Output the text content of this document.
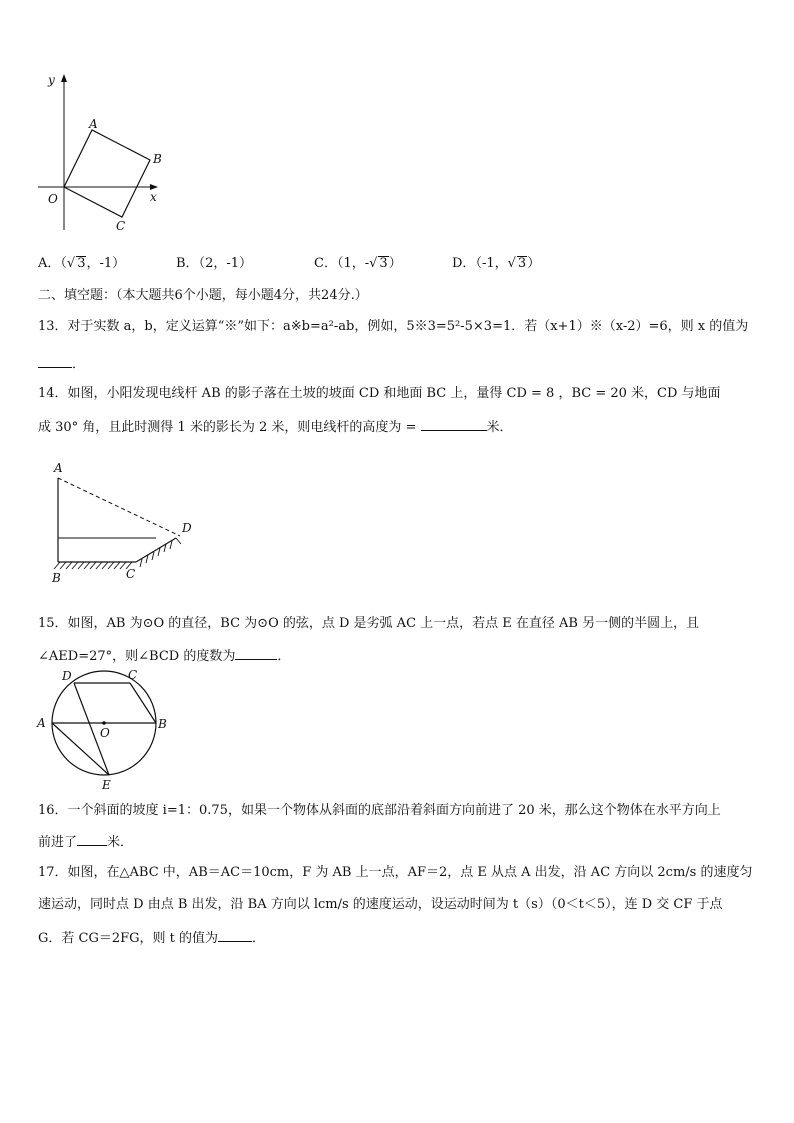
y
x
O
A
B
C
A．（√ 3，-1）	B．（2，-1）	C．（1，-√ 3）	D．（-1，√ 3）
二、填空题：（本大题共6个小题，每小题4分，共24分.）
13．对于实数 a，b，定义运算“※”如下：a※b=a²-ab，例如，5※3=5²-5×3=1．若（x+1）※（x-2）=6，则 x 的值为
．
14．如图，小阳发现电线杆 AB 的影子落在土坡的坡面 CD 和地面 BC 上，量得 CD = 8 ，BC = 20 米，CD 与地面
成 30° 角，且此时测得 1 米的影长为 2 米，则电线杆的高度为 =	米．
A
B	C
D
15．如图，AB 为⊙O 的直径，BC 为⊙O 的弦，点 D 是劣弧 AC 上一点，若点 E 在直径 AB 另一侧的半圆上，且
∠AED=27°，则∠BCD 的度数为	．
A	B
C
D
E
O
16．一个斜面的坡度 i=1：0.75，如果一个物体从斜面的底部沿着斜面方向前进了 20 米，那么这个物体在水平方向上
前进了 米．
17．如图，在△ABC 中，AB＝AC＝10cm，F 为 AB 上一点，AF＝2，点 E 从点 A 出发，沿 AC 方向以 2cm/s 的速度匀
速运动，同时点 D 由点 B 出发，沿 BA 方向以 lcm/s 的速度运动，设运动时间为 t（s）（0＜t＜5），连 D 交 CF 于点
G．若 CG＝2FG，则 t 的值为	．
